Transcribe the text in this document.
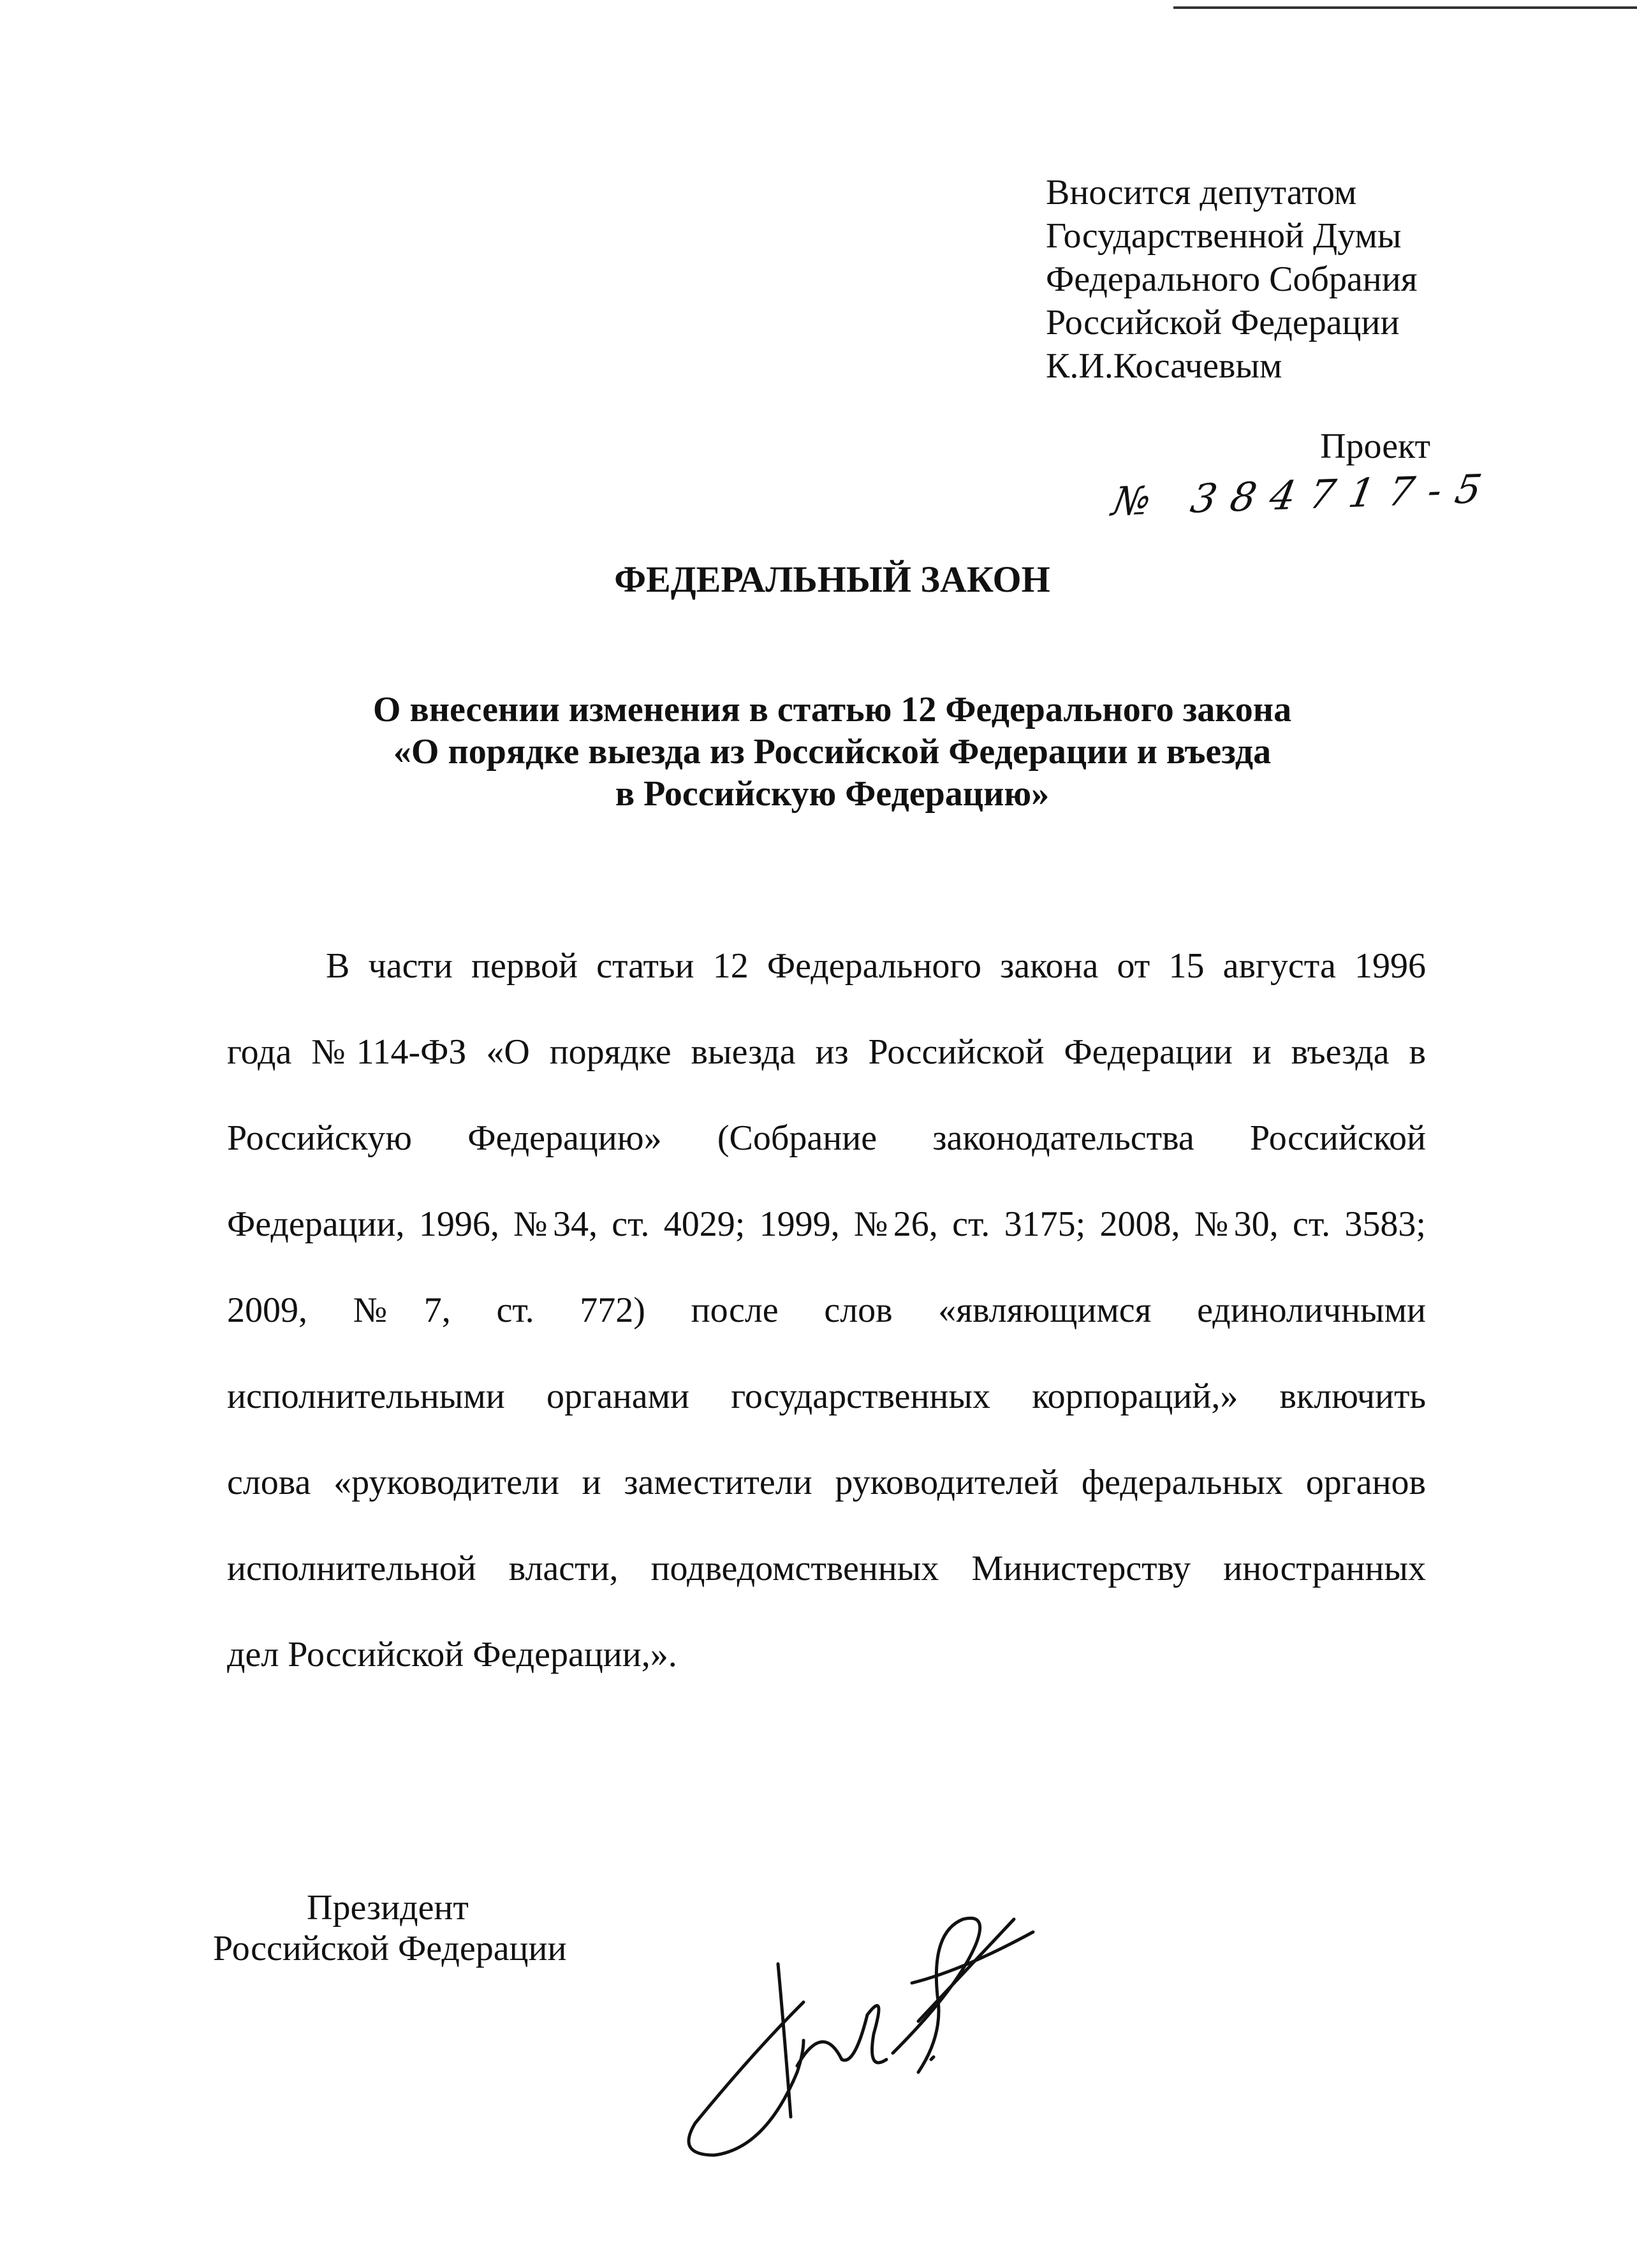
Вносится депутатом
Государственной Думы
Федерального Собрания
Российской Федерации
К.И.Косачевым
Проект
№ 384717-5
ФЕДЕРАЛЬНЫЙ ЗАКОН
О внесении изменения в статью 12 Федерального закона
«О порядке выезда из Российской Федерации и въезда
в Российскую Федерацию»
В части первой статьи 12 Федерального закона от 15 августа 1996
года №114-ФЗ «О порядке выезда из Российской Федерации и въезда в
Российскую Федерацию» (Собрание законодательства Российской
Федерации, 1996, №34, ст. 4029; 1999, №26, ст. 3175; 2008, №30, ст. 3583;
2009, №7, ст. 772) после слов «являющимся единоличными
исполнительными органами государственных корпораций,» включить
слова «руководители и заместители руководителей федеральных органов
исполнительной власти, подведомственных Министерству иностранных
дел Российской Федерации,».
Президент
Российской Федерации
